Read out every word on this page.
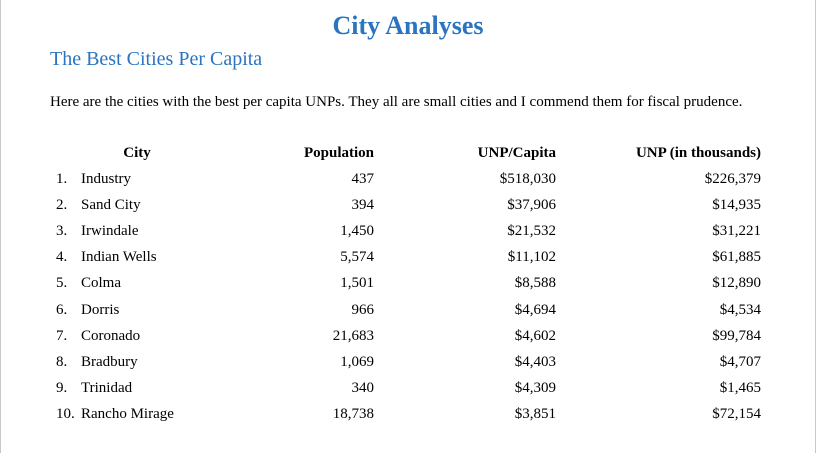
City Analyses
The Best Cities Per Capita

Here are the cities with the best per capita UNPs. They all are small cities and I commend them for fiscal prudence.

City	Population	UNP/Capita	UNP (in thousands)
1. Industry	437	$518,030	$226,379
2. Sand City	394	$37,906	$14,935
3. Irwindale	1,450	$21,532	$31,221
4. Indian Wells	5,574	$11,102	$61,885
5. Colma	1,501	$8,588	$12,890
6. Dorris	966	$4,694	$4,534
7. Coronado	21,683	$4,602	$99,784
8. Bradbury	1,069	$4,403	$4,707
9. Trinidad	340	$4,309	$1,465
10. Rancho Mirage	18,738	$3,851	$72,154
